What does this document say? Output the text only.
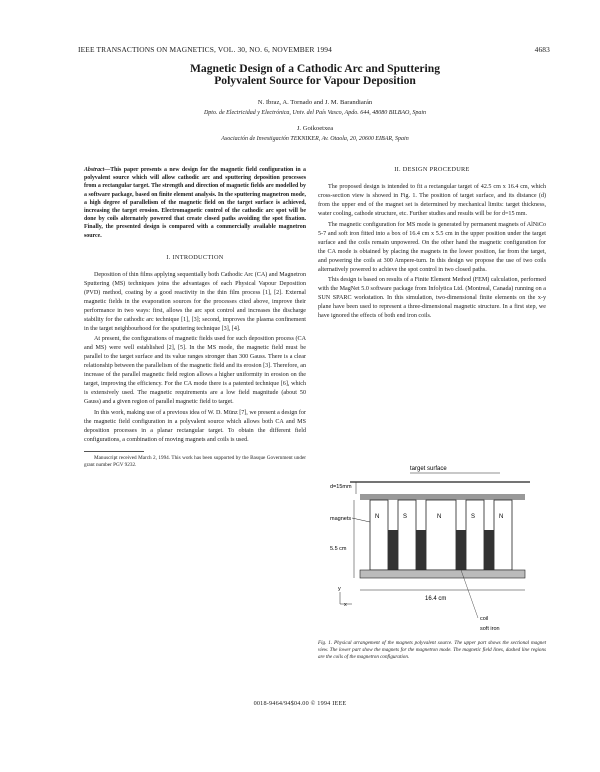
IEEE TRANSACTIONS ON MAGNETICS, VOL. 30, NO. 6, NOVEMBER 1994	4683
Magnetic Design of a Cathodic Arc and Sputtering
Polyvalent Source for Vapour Deposition
N. Ibraz, A. Tornado and J. M. Barandiarán
Dpto. de Electricidad y Electrónica, Univ. del País Vasco, Apdo. 644, 48080 BILBAO, Spain
J. Goikoetxea
Asociación de Investigación TEKNIKER, Av. Otaola, 20, 20600 EIBAR, Spain
Abstract—This paper presents a new design for the magnetic field configuration in a polyvalent source which will allow cathodic arc and sputtering deposition processes from a rectangular target. The strength and direction of magnetic fields are modelled by a software package, based on finite element analysis. In the sputtering magnetron mode, a high degree of parallelism of the magnetic field on the target surface is achieved, increasing the target erosion. Electromagnetic control of the cathodic arc spot will be done by coils alternately powered that create closed paths avoiding the spot fixation. Finally, the presented design is compared with a commercially available magnetron source.
I. INTRODUCTION

Deposition of thin films applying sequentially both Cathodic Arc (CA) and Magnetron Sputtering (MS) techniques joins the advantages of each Physical Vapour Deposition (PVD) method, coating by a good reactivity in the thin film process [1], [2]. External magnetic fields in the evaporation sources for the processes cited above, improve their performance in two ways: first, allows the arc spot control and increases the discharge stability for the cathodic arc technique [1], [3]; second, improves the plasma confinement in the target neighbourhood for the sputtering technique [3], [4].

At present, the configurations of magnetic fields used for such deposition process (CA and MS) were well established [2], [5]. In the MS mode, the magnetic field must be parallel to the target surface and its value ranges stronger than 300 Gauss. There is a clear relationship between the parallelism of the magnetic field and its erosion [3]. Therefore, an increase of the parallel magnetic field region allows a higher uniformity in erosion on the target, improving the efficiency. For the CA mode there is a patented technique [6], which is extensively used. The magnetic requirements are a low field magnitude (about 50 Gauss) and a given region of parallel magnetic field to target.

In this work, making use of a previous idea of W. D. Münz [7], we present a design for the magnetic field configuration in a polyvalent source which allows both CA and MS deposition processes in a planar rectangular target. To obtain the different field configurations, a combination of moving magnets and coils is used.

Manuscript received March 2, 1994. This work has been supported by the Basque Government under grant number PGV 9232.
II. DESIGN PROCEDURE

The proposed design is intended to fit a rectangular target of 42.5 cm x 16.4 cm, which cross-section view is showed in Fig. 1. The position of target surface, and its distance (d) from the upper end of the magnet set is determined by mechanical limits: target thickness, water cooling, cathode structure, etc. Further studies and results will be for d=15 mm.

The magnetic configuration for MS mode is generated by permanent magnets of AlNiCo 5-7 and soft iron fitted into a box of 16.4 cm x 5.5 cm in the upper position under the target surface and the coils remain unpowered. On the other hand the magnetic configuration for the CA mode is obtained by placing the magnets in the lower position, far from the target, and powering the coils at 300 Ampere-turn. In this design we propose the use of two coils alternatively powered to achieve the spot control in two closed paths.

This design is based on results of a Finite Element Method (FEM) calculation, performed with the MagNet 5.0 software package from Infolytica Ltd. (Montreal, Canada) running on a SUN SPARC workstation. In this simulation, two-dimensional finite elements on the x-y plane have been used to represent a three-dimensional magnetic structure. In a first step, we have ignored the effects of both end iron coils.

target surface
d=15mm
magnets	N	S	N	S	N
5.5 cm
16.4 cm
y
x
coil
soft iron
Fig. 1. Physical arrangement of the magnets polyvalent source. The upper part shows the sectional magnet view. The lower part show the magnets for the magnetron mode. The magnetic field lines, dashed line regions are the coils of the magnetron configuration.
0018-9464/94$04.00 © 1994 IEEE
